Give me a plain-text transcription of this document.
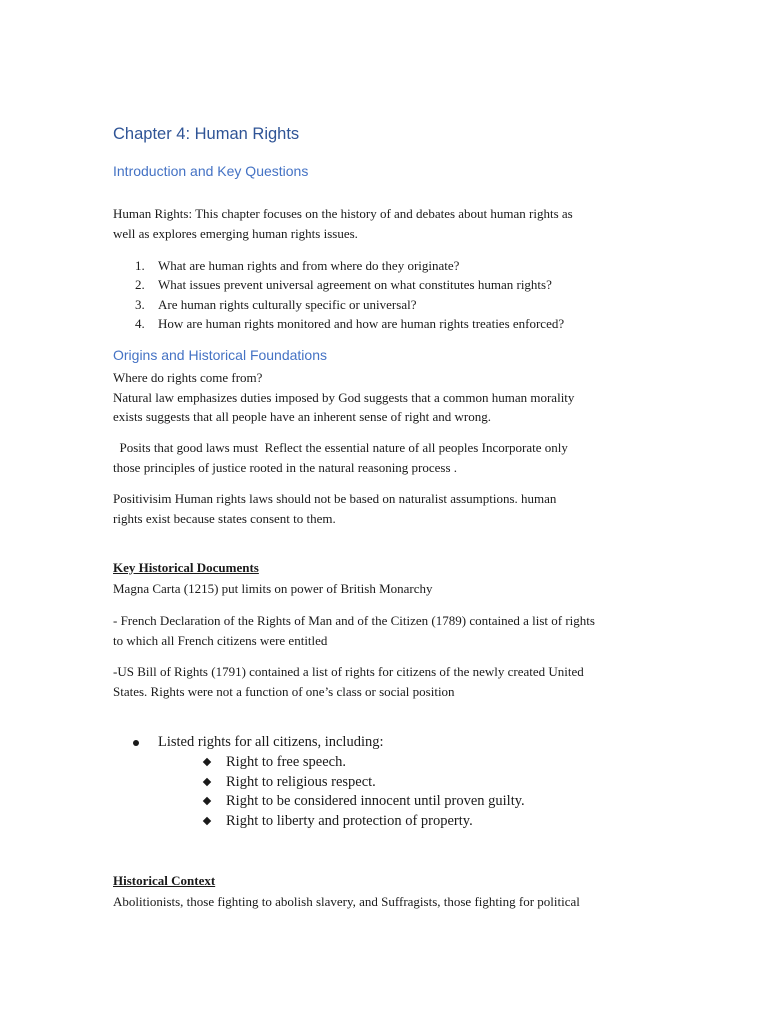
Chapter 4: Human Rights
Introduction and Key Questions

Human Rights: This chapter focuses on the history of and debates about human rights as
well as explores emerging human rights issues.

1. What are human rights and from where do they originate?
2. What issues prevent universal agreement on what constitutes human rights?
3. Are human rights culturally specific or universal?
4. How are human rights monitored and how are human rights treaties enforced?
Origins and Historical Foundations

Where do rights come from?
Natural law emphasizes duties imposed by God suggests that a common human morality
exists suggests that all people have an inherent sense of right and wrong.

Posits that good laws must  Reflect the essential nature of all peoples Incorporate only
those principles of justice rooted in the natural reasoning process .

Positivisim Human rights laws should not be based on naturalist assumptions. human
rights exist because states consent to them.

Key Historical Documents

Magna Carta (1215) put limits on power of British Monarchy

- French Declaration of the Rights of Man and of the Citizen (1789) contained a list of rights
to which all French citizens were entitled

-US Bill of Rights (1791) contained a list of rights for citizens of the newly created United
States. Rights were not a function of one’s class or social position

Listed rights for all citizens, including:
Right to free speech.
Right to religious respect.
Right to be considered innocent until proven guilty.
Right to liberty and protection of property.
Historical Context

Abolitionists, those fighting to abolish slavery, and Suffragists, those fighting for political
